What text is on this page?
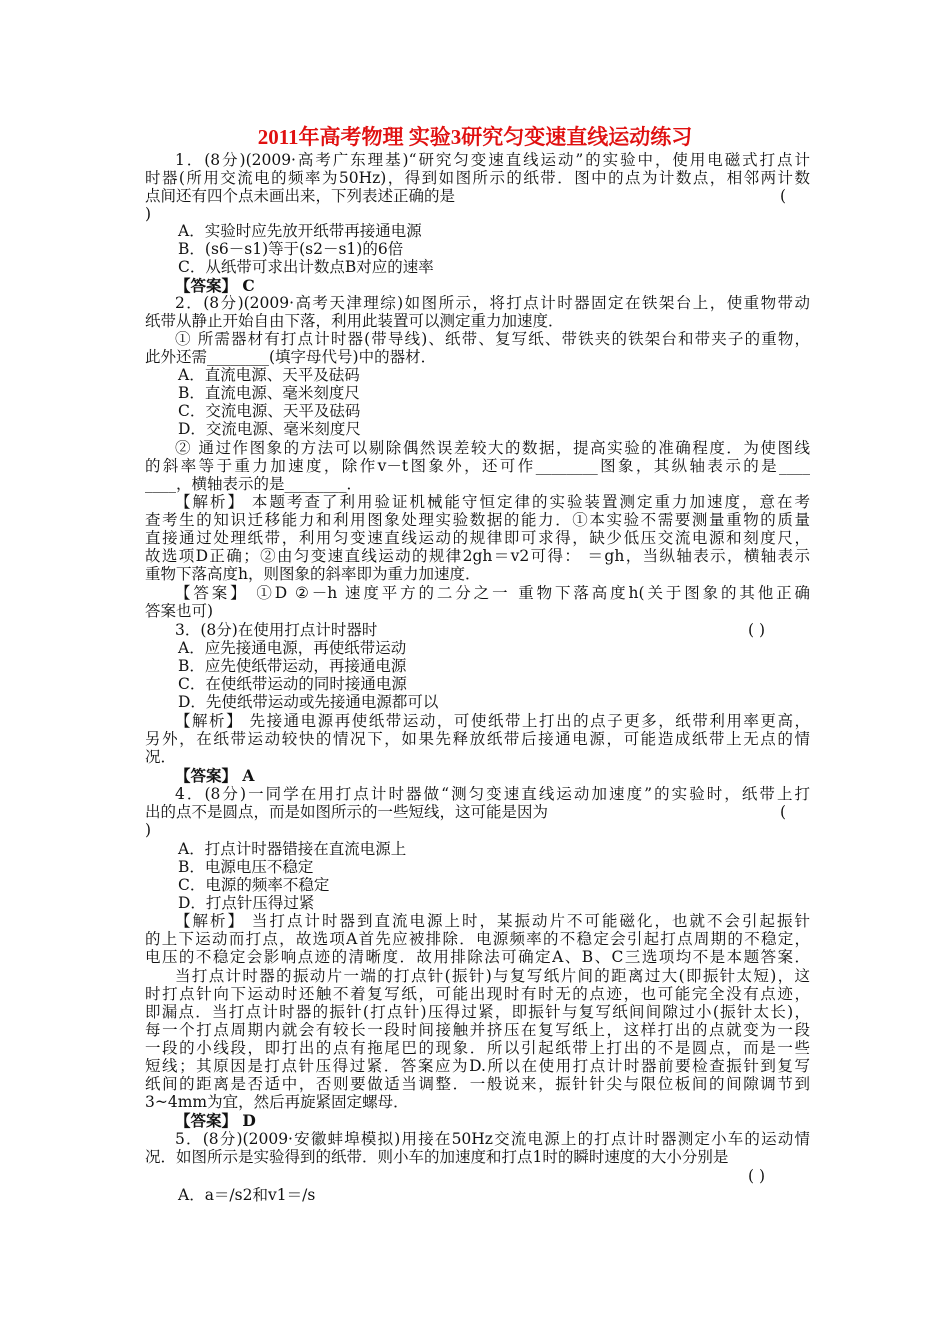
2011年高考物理 实验3研究匀变速直线运动练习
1．(8分)(2009·高考广东理基)“研究匀变速直线运动”的实验中，使用电磁式打点计
时器(所用交流电的频率为50Hz)，得到如图所示的纸带．图中的点为计数点，相邻两计数
点间还有四个点未画出来，下列表述正确的是	(
)
A．实验时应先放开纸带再接通电源
B．(s6－s1)等于(s2－s1)的6倍
C．从纸带可求出计数点B对应的速率
【答案】 C
2．(8分)(2009·高考天津理综)如图所示，将打点计时器固定在铁架台上，使重物带动
纸带从静止开始自由下落，利用此装置可以测定重力加速度．
① 所需器材有打点计时器(带导线)、纸带、复写纸、带铁夹的铁架台和带夹子的重物，
此外还需________(填字母代号)中的器材．
A．直流电源、天平及砝码
B．直流电源、毫米刻度尺
C．交流电源、天平及砝码
D．交流电源、毫米刻度尺
② 通过作图象的方法可以剔除偶然误差较大的数据，提高实验的准确程度．为使图线
的斜率等于重力加速度，除作v－t图象外，还可作________图象，其纵轴表示的是____
____，横轴表示的是________．
【解析】 本题考查了利用验证机械能守恒定律的实验装置测定重力加速度，意在考
查考生的知识迁移能力和利用图象处理实验数据的能力．①本实验不需要测量重物的质量
直接通过处理纸带，利用匀变速直线运动的规律即可求得，缺少低压交流电源和刻度尺，
故选项D正确；②由匀变速直线运动的规律2gh＝v2可得： ＝gh，当纵轴表示，横轴表示
重物下落高度h，则图象的斜率即为重力加速度．
【答案】 ①D ②－h 速度平方的二分之一 重物下落高度h(关于图象的其他正确
答案也可)
3．(8分)在使用打点计时器时	( )
A．应先接通电源，再使纸带运动
B．应先使纸带运动，再接通电源
C．在使纸带运动的同时接通电源
D．先使纸带运动或先接通电源都可以
【解析】 先接通电源再使纸带运动，可使纸带上打出的点子更多，纸带利用率更高，
另外，在纸带运动较快的情况下，如果先释放纸带后接通电源，可能造成纸带上无点的情
况．
【答案】 A
4．(8分)一同学在用打点计时器做“测匀变速直线运动加速度”的实验时，纸带上打
出的点不是圆点，而是如图所示的一些短线，这可能是因为	(
)
A．打点计时器错接在直流电源上
B．电源电压不稳定
C．电源的频率不稳定
D．打点针压得过紧
【解析】 当打点计时器到直流电源上时，某振动片不可能磁化，也就不会引起振针
的上下运动而打点，故选项A首先应被排除．电源频率的不稳定会引起打点周期的不稳定，
电压的不稳定会影响点迹的清晰度．故用排除法可确定A、B、C三选项均不是本题答案．
当打点计时器的振动片一端的打点针(振针)与复写纸片间的距离过大(即振针太短)，这
时打点针向下运动时还触不着复写纸，可能出现时有时无的点迹，也可能完全没有点迹，
即漏点．当打点计时器的振针(打点针)压得过紧，即振针与复写纸间间隙过小(振针太长)，
每一个打点周期内就会有较长一段时间接触并挤压在复写纸上，这样打出的点就变为一段
一段的小线段，即打出的点有拖尾巴的现象．所以引起纸带上打出的不是圆点，而是一些
短线；其原因是打点针压得过紧．答案应为D.所以在使用打点计时器前要检查振针到复写
纸间的距离是否适中，否则要做适当调整．一般说来，振针针尖与限位板间的间隙调节到
3~4mm为宜，然后再旋紧固定螺母．
【答案】 D
5．(8分)(2009·安徽蚌埠模拟)用接在50Hz交流电源上的打点计时器测定小车的运动情
况．如图所示是实验得到的纸带．则小车的加速度和打点1时的瞬时速度的大小分别是
( )
A．a＝/s2和v1＝/s
